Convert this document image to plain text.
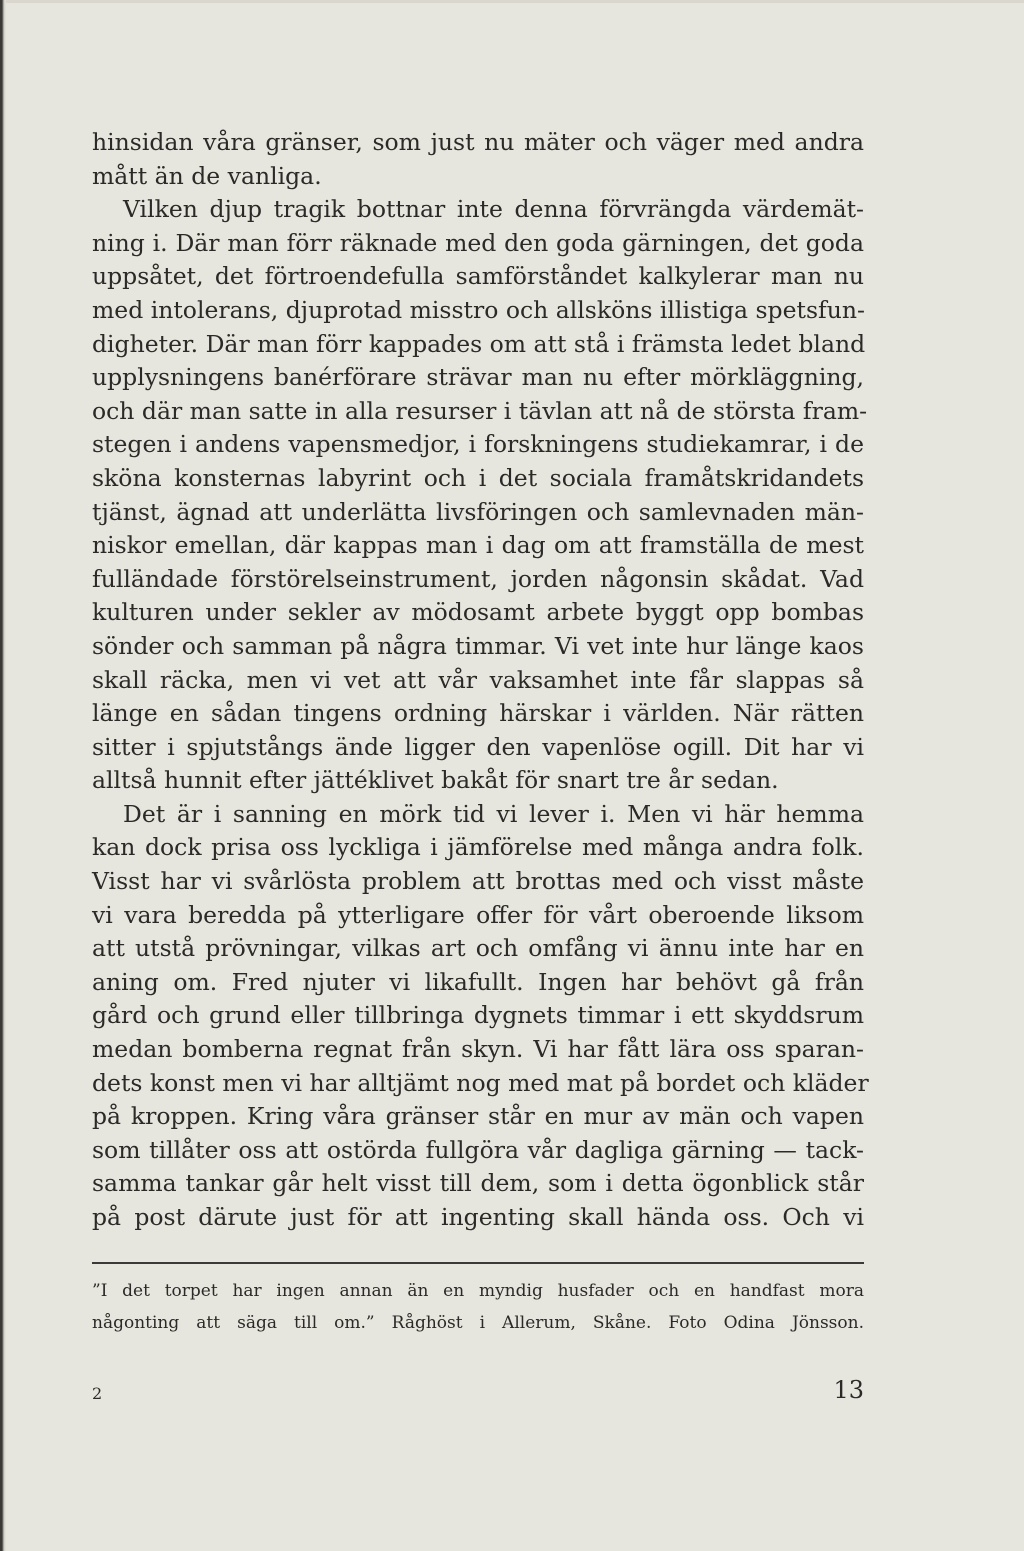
hinsidan våra gränser, som just nu mäter och väger med andra
mått än de vanliga.
Vilken djup tragik bottnar inte denna förvrängda värdemät-
ning i. Där man förr räknade med den goda gärningen, det goda
uppsåtet, det förtroendefulla samförståndet kalkylerar man nu
med intolerans, djuprotad misstro och allsköns illistiga spetsfun-
digheter. Där man förr kappades om att stå i främsta ledet bland
upplysningens banérförare strävar man nu efter mörkläggning,
och där man satte in alla resurser i tävlan att nå de största fram-
stegen i andens vapensmedjor, i forskningens studiekamrar, i de
sköna konsternas labyrint och i det sociala framåtskridandets
tjänst, ägnad att underlätta livsföringen och samlevnaden män-
niskor emellan, där kappas man i dag om att framställa de mest
fulländade förstörelseinstrument, jorden någonsin skådat. Vad
kulturen under sekler av mödosamt arbete byggt opp bombas
sönder och samman på några timmar. Vi vet inte hur länge kaos
skall räcka, men vi vet att vår vaksamhet inte får slappas så
länge en sådan tingens ordning härskar i världen. När rätten
sitter i spjutstångs ände ligger den vapenlöse ogill. Dit har vi
alltså hunnit efter jättéklivet bakåt för snart tre år sedan.
Det är i sanning en mörk tid vi lever i. Men vi här hemma
kan dock prisa oss lyckliga i jämförelse med många andra folk.
Visst har vi svårlösta problem att brottas med och visst måste
vi vara beredda på ytterligare offer för vårt oberoende liksom
att utstå prövningar, vilkas art och omfång vi ännu inte har en
aning om. Fred njuter vi likafullt. Ingen har behövt gå från
gård och grund eller tillbringa dygnets timmar i ett skyddsrum
medan bomberna regnat från skyn. Vi har fått lära oss sparan-
dets konst men vi har alltjämt nog med mat på bordet och kläder
på kroppen. Kring våra gränser står en mur av män och vapen
som tillåter oss att ostörda fullgöra vår dagliga gärning — tack-
samma tankar går helt visst till dem, som i detta ögonblick står
på post därute just för att ingenting skall hända oss. Och vi
”I det torpet har ingen annan än en myndig husfader och en handfast mora
någonting att säga till om.” Råghöst i Allerum, Skåne. Foto Odina Jönsson.
2	13
